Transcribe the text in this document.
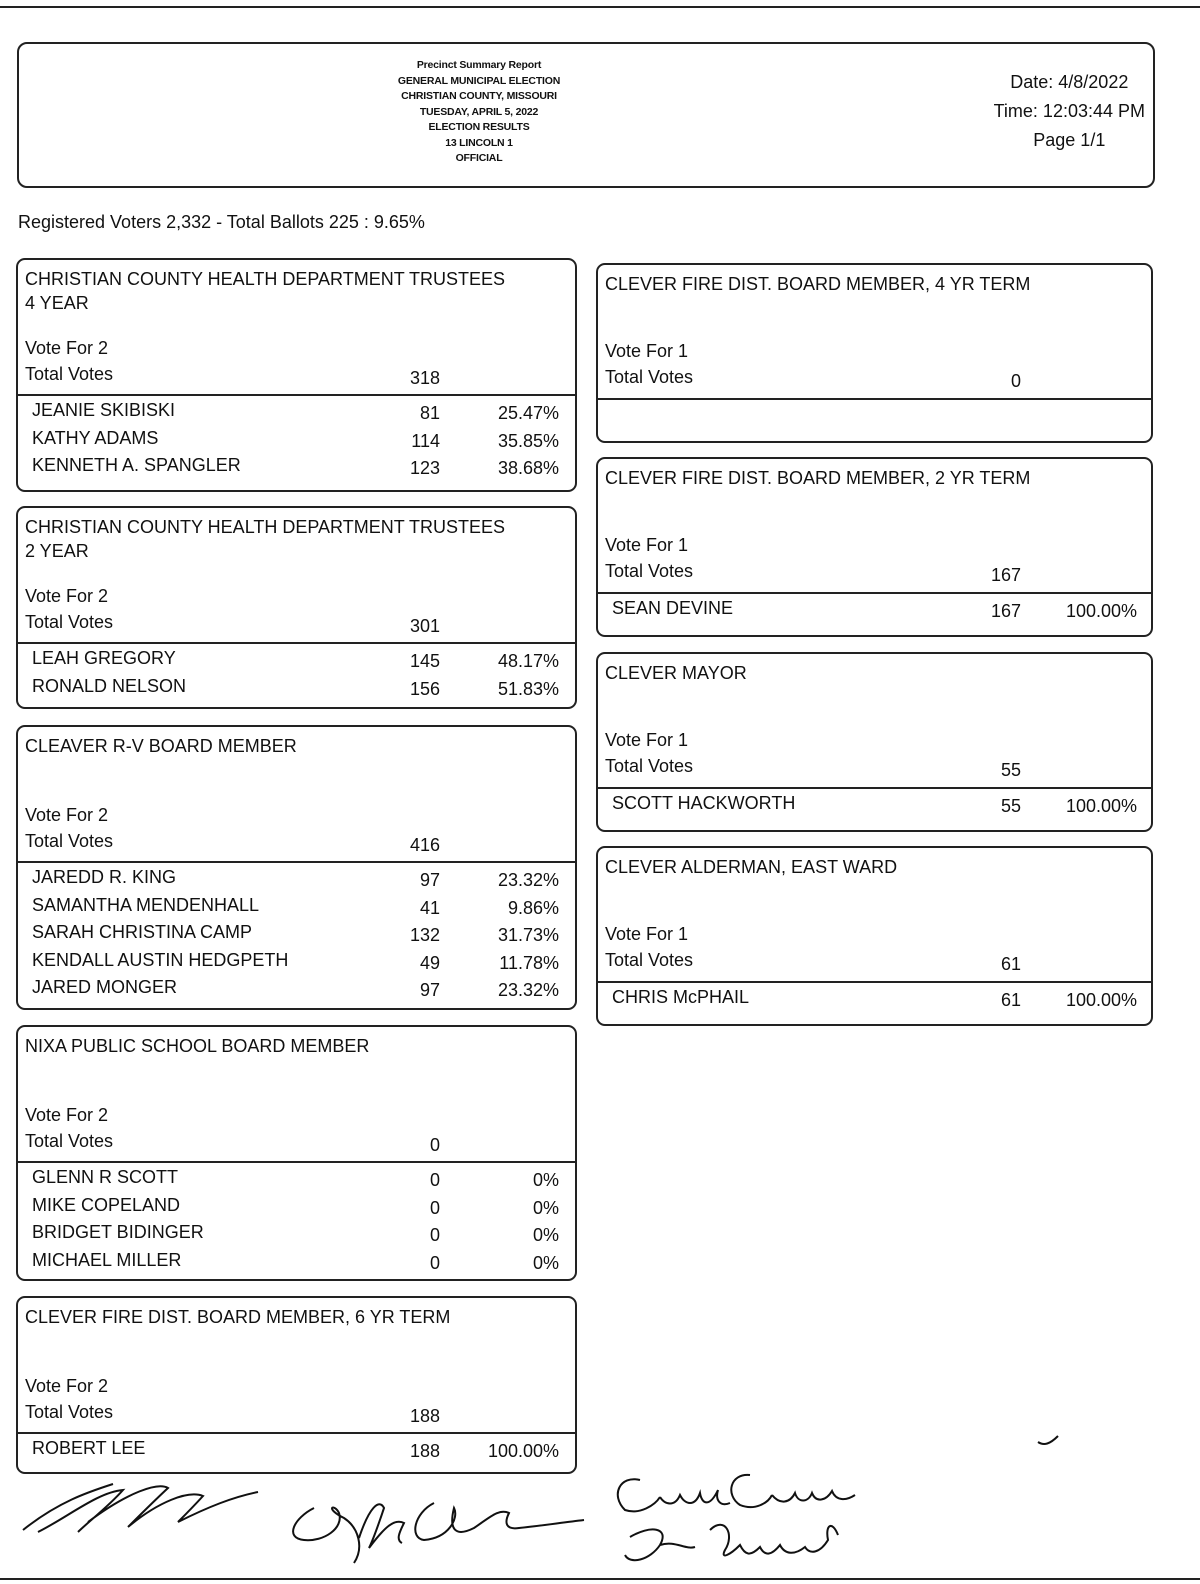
Precinct Summary Report
GENERAL MUNICIPAL ELECTION
CHRISTIAN COUNTY, MISSOURI
TUESDAY, APRIL 5, 2022
ELECTION RESULTS
13 LINCOLN 1
OFFICIAL
Date: 4/8/2022
Time: 12:03:44 PM
Page 1/1
Registered Voters 2,332 - Total Ballots 225 : 9.65%
CHRISTIAN COUNTY HEALTH DEPARTMENT TRUSTEES
4 YEAR
Vote For 2
Total Votes	318
JEANIE SKIBISKI	81	25.47%
KATHY ADAMS	114	35.85%
KENNETH A. SPANGLER	123	38.68%
CHRISTIAN COUNTY HEALTH DEPARTMENT TRUSTEES
2 YEAR
Vote For 2
Total Votes	301
LEAH GREGORY	145	48.17%
RONALD NELSON	156	51.83%
CLEAVER R-V BOARD MEMBER
Vote For 2
Total Votes	416
JAREDD R. KING	97	23.32%
SAMANTHA MENDENHALL	41	9.86%
SARAH CHRISTINA CAMP	132	31.73%
KENDALL AUSTIN HEDGPETH	49	11.78%
JARED MONGER	97	23.32%
NIXA PUBLIC SCHOOL BOARD MEMBER
Vote For 2
Total Votes	0
GLENN R SCOTT	0	0%
MIKE COPELAND	0	0%
BRIDGET BIDINGER	0	0%
MICHAEL MILLER	0	0%
CLEVER FIRE DIST. BOARD MEMBER, 6 YR TERM
Vote For 2
Total Votes	188
ROBERT LEE	188	100.00%
CLEVER FIRE DIST. BOARD MEMBER, 4 YR TERM
Vote For 1
Total Votes	0
CLEVER FIRE DIST. BOARD MEMBER, 2 YR TERM
Vote For 1
Total Votes	167
SEAN DEVINE	167	100.00%
CLEVER MAYOR
Vote For 1
Total Votes	55
SCOTT HACKWORTH	55	100.00%
CLEVER ALDERMAN, EAST WARD
Vote For 1
Total Votes	61
CHRIS McPHAIL	61	100.00%
